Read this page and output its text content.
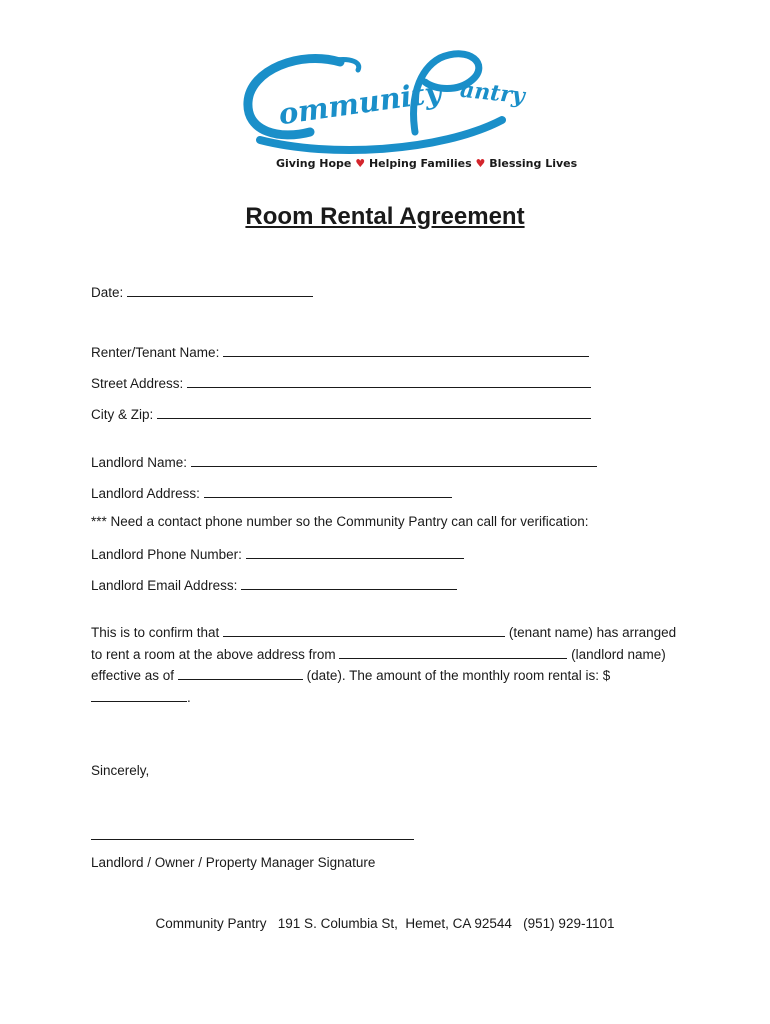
ommunity antry
Giving Hope ♥ Helping Families ♥ Blessing Lives
Room Rental Agreement
Date:
Renter/Tenant Name:
Street Address:
City & Zip:
Landlord Name:
Landlord Address:
*** Need a contact phone number so the Community Pantry can call for verification:
Landlord Phone Number:
Landlord Email Address:
This is to confirm that	(tenant name) has arranged to rent a room at the above address from	(landlord name) effective as of	(date). The amount of the monthly room rental is: $.
Sincerely,
Landlord / Owner / Property Manager Signature
Community Pantry   191 S. Columbia St,  Hemet, CA 92544   (951) 929-1101
